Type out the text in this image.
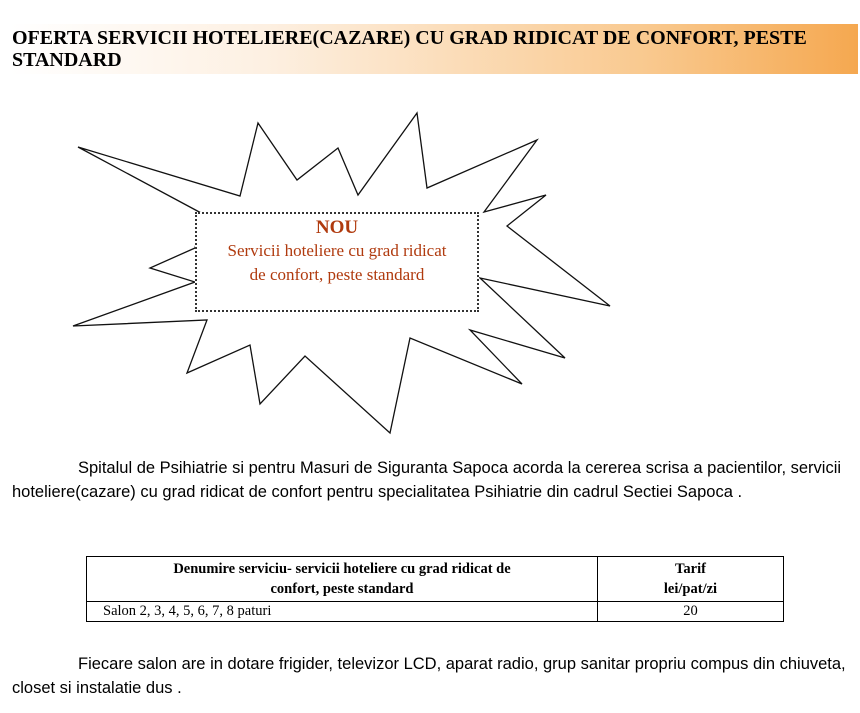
OFERTA SERVICII HOTELIERE(CAZARE) CU GRAD RIDICAT DE CONFORT, PESTE STANDARD
NOU
Servicii hoteliere cu grad ridicat
de confort, peste standard

Spitalul de Psihiatrie si pentru Masuri de Siguranta Sapoca acorda la cererea scrisa a pacientilor, servicii hoteliere(cazare) cu grad ridicat de confort pentru specialitatea Psihiatrie din cadrul Sectiei Sapoca .

Denumire serviciu- servicii hoteliere cu grad ridicat de
confort, peste standard	Tarif
lei/pat/zi
Salon 2, 3, 4, 5, 6, 7, 8 paturi	20

Fiecare salon are in dotare frigider, televizor LCD, aparat radio, grup sanitar propriu compus din chiuveta, closet si instalatie dus .
